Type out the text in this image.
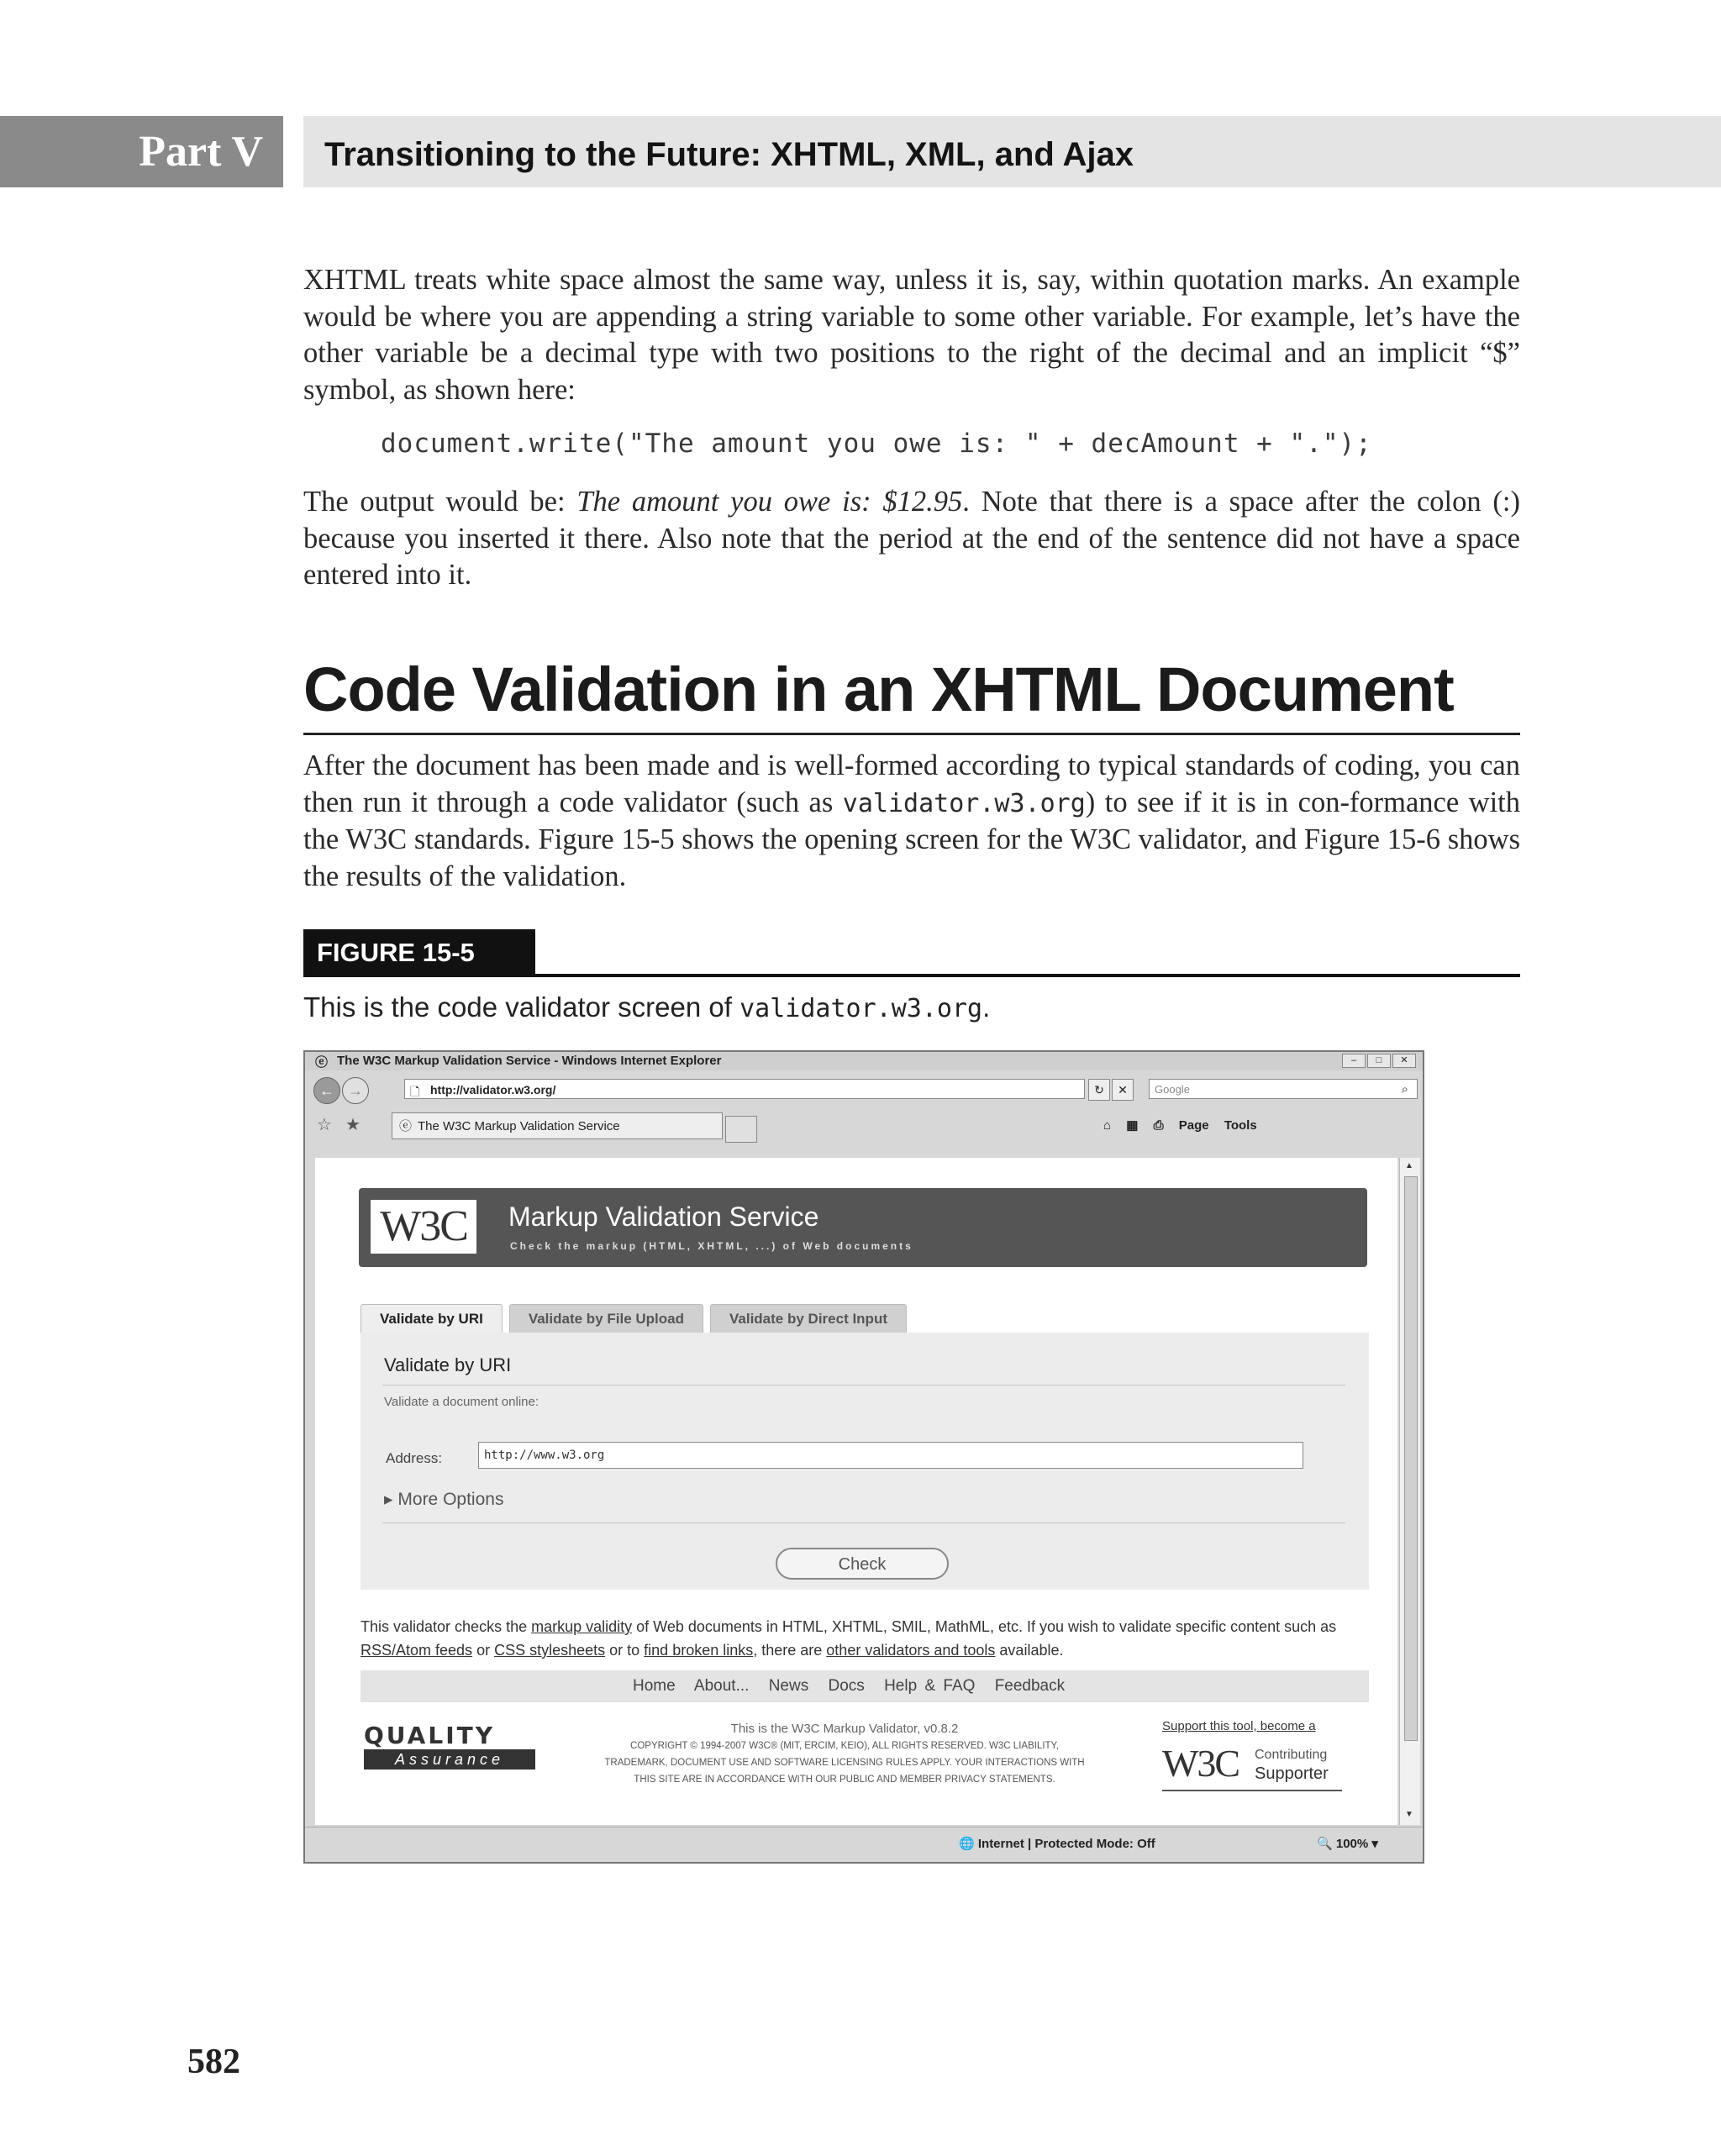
Part V	Transitioning to the Future: XHTML, XML, and Ajax

XHTML treats white space almost the same way, unless it is, say, within quotation marks. An example would be where you are appending a string variable to some other variable. For example, let’s have the other variable be a decimal type with two positions to the right of the decimal and an implicit “$” symbol, as shown here:

document.write("The amount you owe is: " + decAmount + ".");

The output would be: The amount you owe is: $12.95. Note that there is a space after the colon (:) because you inserted it there. Also note that the period at the end of the sentence did not have a space entered into it.

Code Validation in an XHTML Document

After the document has been made and is well-formed according to typical standards of coding, you can then run it through a code validator (such as validator.w3.org) to see if it is in con-formance with the W3C standards. Figure 15-5 shows the opening screen for the W3C validator, and Figure 15-6 shows the results of the validation.

FIGURE 15-5

This is the code validator screen of validator.w3.org.

ⓔ The W3C Markup Validation Service - Windows Internet Explorer	–	□	✕
← →	🗋 http://validator.w3.org/	↻	✕	Google	⌕
☆ ★	ⓔ The W3C Markup Validation Service	⌂ ▦ ⎙ Page Tools
W3C	Markup Validation Service
Check the markup (HTML, XHTML, ...) of Web documents
Validate by URI	Validate by File Upload	Validate by Direct Input
Validate by URI
Validate a document online:
Address:	http://www.w3.org
▸ More Options
Check
This validator checks the markup validity of Web documents in HTML, XHTML, SMIL, MathML, etc. If you wish to validate specific content such as RSS/Atom feeds or CSS stylesheets or to find broken links, there are other validators and tools available.
Home About... News Docs Help & FAQ Feedback
QUALITY
Assurance
This is the W3C Markup Validator, v0.8.2
COPYRIGHT © 1994-2007 W3C® (MIT, ERCIM, KEIO), ALL RIGHTS RESERVED. W3C LIABILITY,
TRADEMARK, DOCUMENT USE AND SOFTWARE LICENSING RULES APPLY. YOUR INTERACTIONS WITH
THIS SITE ARE IN ACCORDANCE WITH OUR PUBLIC AND MEMBER PRIVACY STATEMENTS.
Support this tool, become a
W3C Contributing
Supporter
▲
▼
🌐 Internet | Protected Mode: Off	🔍 100% ▾
582
